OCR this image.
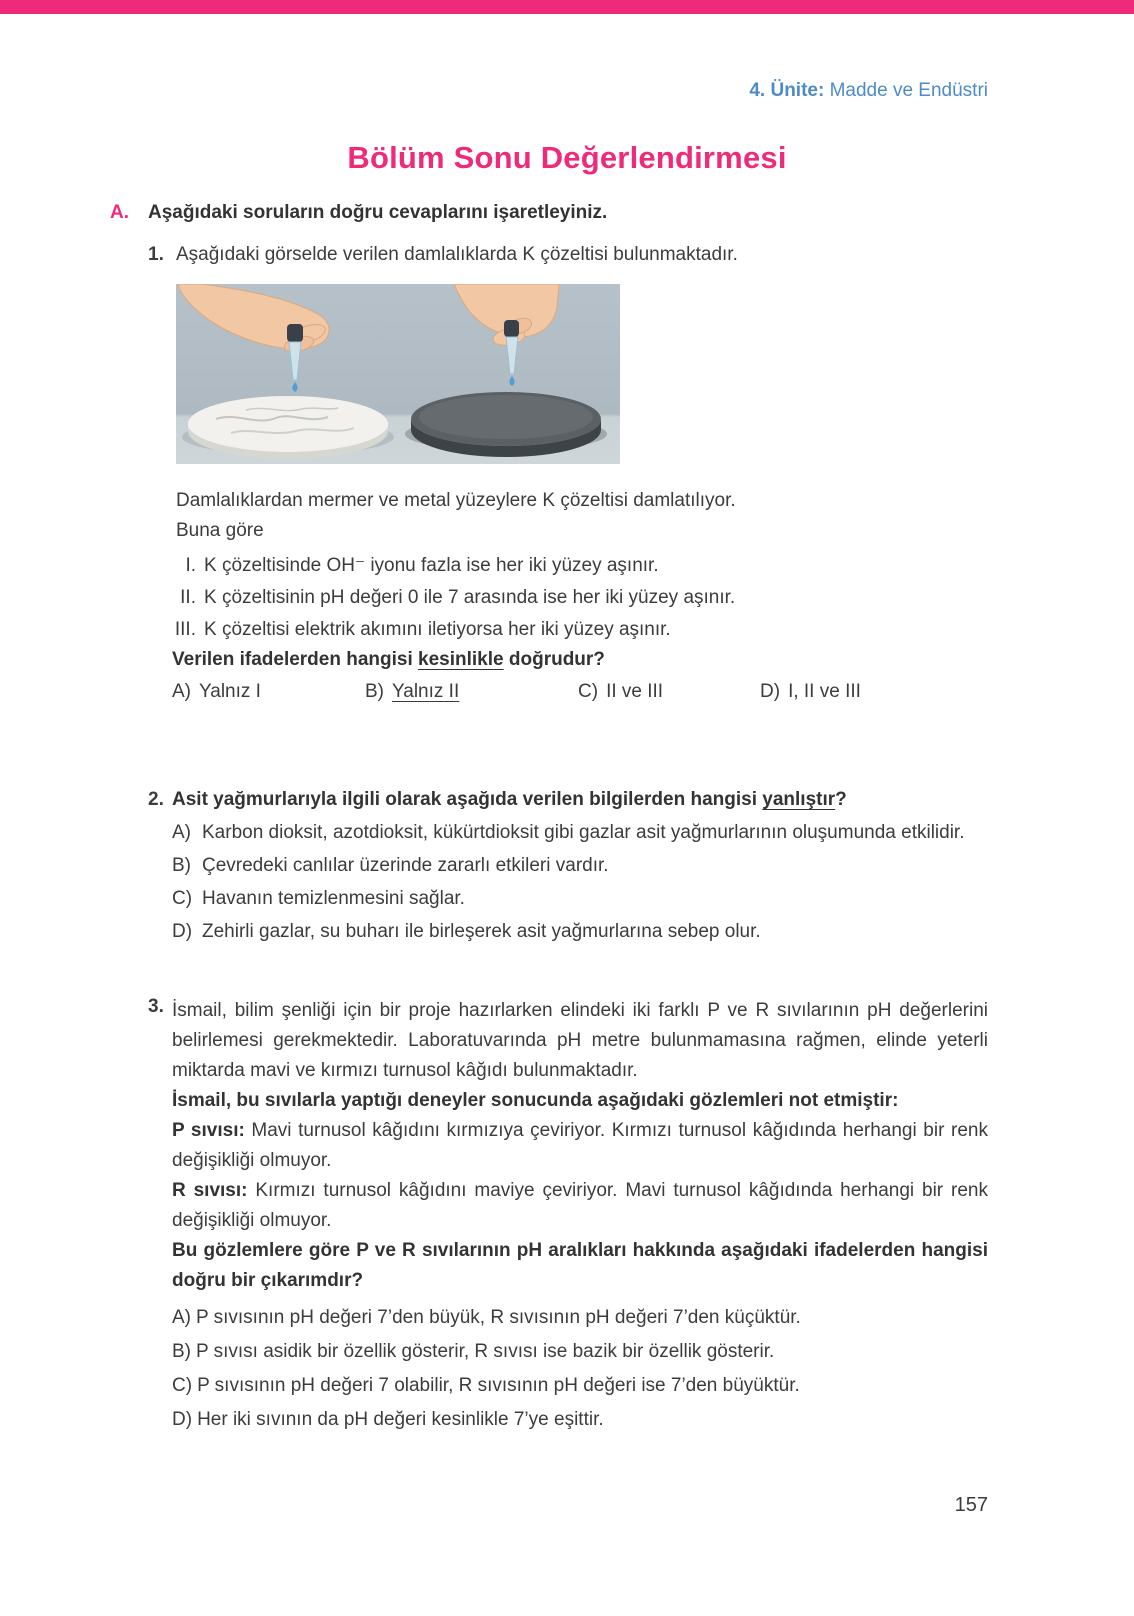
4. Ünite: Madde ve Endüstri
Bölüm Sonu Değerlendirmesi
A. Aşağıdaki soruların doğru cevaplarını işaretleyiniz.
1. Aşağıdaki görselde verilen damlalıklarda K çözeltisi bulunmaktadır.

Damlalıklardan mermer ve metal yüzeylere K çözeltisi damlatılıyor.

Buna göre

I. K çözeltisinde OH⁻ iyonu fazla ise her iki yüzey aşınır.
II. K çözeltisinin pH değeri 0 ile 7 arasında ise her iki yüzey aşınır.
III. K çözeltisi elektrik akımını iletiyorsa her iki yüzey aşınır.

Verilen ifadelerden hangisi kesinlikle doğrudur?

A) Yalnız I	B) Yalnız II	C) II ve III	D) I, II ve III
2. Asit yağmurlarıyla ilgili olarak aşağıda verilen bilgilerden hangisi yanlıştır?

A) Karbon dioksit, azotdioksit, kükürtdioksit gibi gazlar asit yağmurlarının oluşumunda etkilidir.

B) Çevredeki canlılar üzerinde zararlı etkileri vardır.

C) Havanın temizlenmesini sağlar.

D) Zehirli gazlar, su buharı ile birleşerek asit yağmurlarına sebep olur.

3. İsmail, bilim şenliği için bir proje hazırlarken elindeki iki farklı P ve R sıvılarının pH değerlerini belirlemesi gerekmektedir. Laboratuvarında pH metre bulunmamasına rağmen, elinde yeterli miktarda mavi ve kırmızı turnusol kâğıdı bulunmaktadır.

İsmail, bu sıvılarla yaptığı deneyler sonucunda aşağıdaki gözlemleri not etmiştir:

P sıvısı: Mavi turnusol kâğıdını kırmızıya çeviriyor. Kırmızı turnusol kâğıdında herhangi bir renk değişikliği olmuyor.

R sıvısı: Kırmızı turnusol kâğıdını maviye çeviriyor. Mavi turnusol kâğıdında herhangi bir renk değişikliği olmuyor.

Bu gözlemlere göre P ve R sıvılarının pH aralıkları hakkında aşağıdaki ifadelerden hangisi doğru bir çıkarımdır?

A) P sıvısının pH değeri 7’den büyük, R sıvısının pH değeri 7’den küçüktür.

B) P sıvısı asidik bir özellik gösterir, R sıvısı ise bazik bir özellik gösterir.

C) P sıvısının pH değeri 7 olabilir, R sıvısının pH değeri ise 7’den büyüktür.

D) Her iki sıvının da pH değeri kesinlikle 7’ye eşittir.

157
